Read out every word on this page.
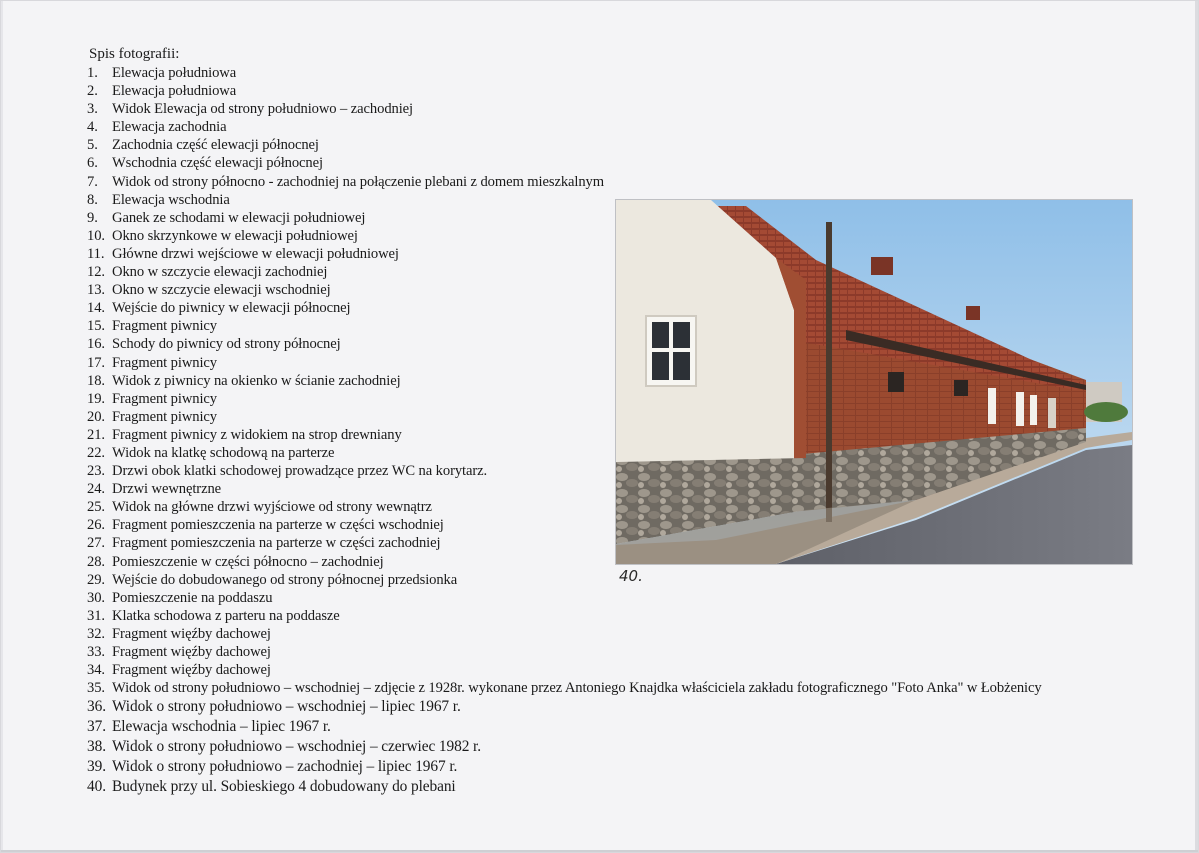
Spis fotografii:
1. Elewacja południowa
2. Elewacja południowa
3. Widok Elewacja od strony południowo – zachodniej
4. Elewacja zachodnia
5. Zachodnia część elewacji północnej
6. Wschodnia część elewacji północnej
7. Widok od strony północno - zachodniej na połączenie plebani z domem mieszkalnym
8. Elewacja wschodnia
9. Ganek ze schodami w elewacji południowej
10. Okno skrzynkowe w elewacji południowej
11. Główne drzwi wejściowe w elewacji południowej
12. Okno w szczycie elewacji zachodniej
13. Okno w szczycie elewacji wschodniej
14. Wejście do piwnicy w elewacji północnej
15. Fragment piwnicy
16. Schody do piwnicy od strony północnej
17. Fragment piwnicy
18. Widok z piwnicy na okienko w ścianie zachodniej
19. Fragment piwnicy
20. Fragment piwnicy
21. Fragment piwnicy z widokiem na strop drewniany
22. Widok na klatkę schodową na parterze
23. Drzwi obok klatki schodowej prowadzące przez WC na korytarz.
24. Drzwi wewnętrzne
25. Widok na główne drzwi wyjściowe od strony wewnątrz
26. Fragment pomieszczenia na parterze w części wschodniej
27. Fragment pomieszczenia na parterze w części zachodniej
28. Pomieszczenie w części północno – zachodniej
29. Wejście do dobudowanego od strony północnej przedsionka
30. Pomieszczenie na poddaszu
31. Klatka schodowa z parteru na poddasze
32. Fragment więźby dachowej
33. Fragment więźby dachowej
34. Fragment więźby dachowej
35. Widok od strony południowo – wschodniej – zdjęcie z 1928r. wykonane przez Antoniego Knajdka właściciela zakładu fotograficznego "Foto Anka" w Łobżenicy
36. Widok o strony południowo – wschodniej – lipiec 1967 r.
37. Elewacja wschodnia – lipiec 1967 r.
38. Widok o strony południowo – wschodniej – czerwiec 1982 r.
39. Widok o strony południowo – zachodniej – lipiec 1967 r.
40. Budynek przy ul. Sobieskiego 4 dobudowany do plebani
40.
